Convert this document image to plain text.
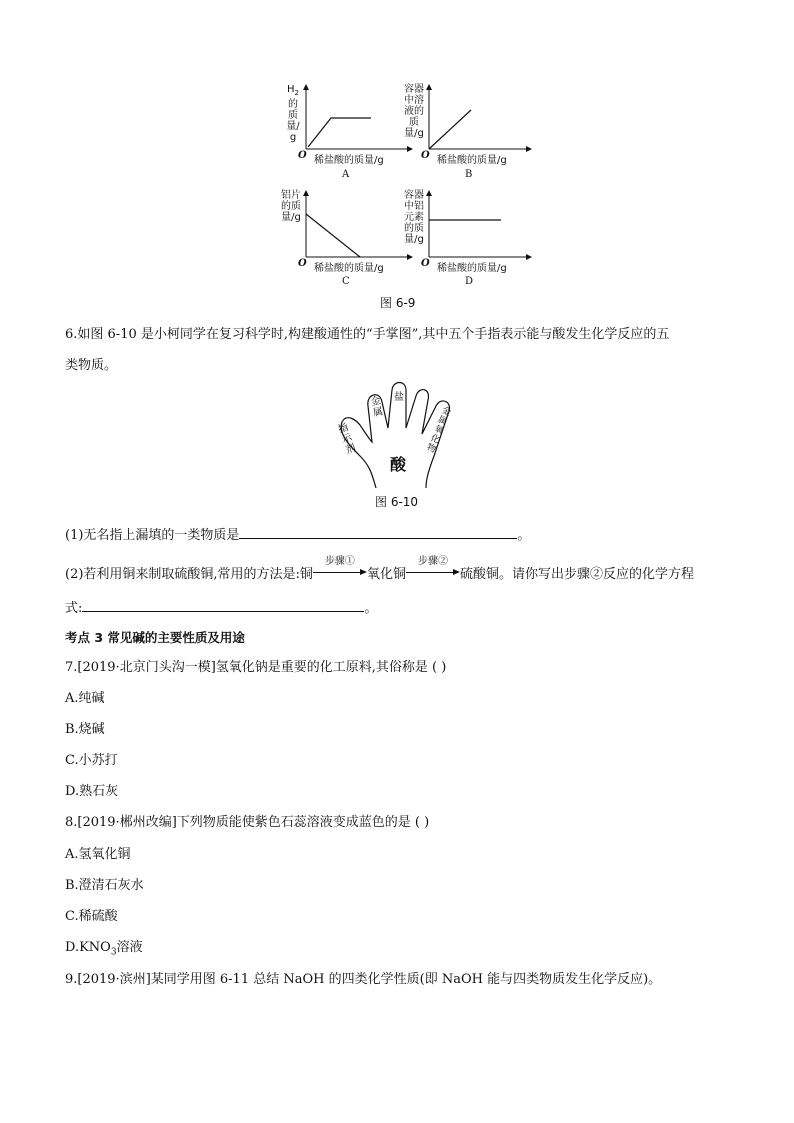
$H_2$的质量/g
O 稀盐酸的质量/g
A
容器中溶液的质量/g
O 稀盐酸的质量/g
B
铝片的质量/g
O 稀盐酸的质量/g
C
容器中铝元素的质量/g
O 稀盐酸的质量/g
D
图 6-9
6.如图 6-10 是小柯同学在复习科学时,构建酸通性的“手掌图”,其中五个手指表示能与酸发生化学反应的五
类物质。
指示剂
金属
盐
金属氧化物
酸
图 6-10
(1)无名指上漏填的一类物质是	。
(2)若利用铜来制取硫酸铜,常用的方法是:铜
步骤①
氧化铜
步骤②
硫酸铜。请你写出步骤②反应的化学方程
式:	。
考点 3 常见碱的主要性质及用途
7.[2019·北京门头沟一模]氢氧化钠是重要的化工原料,其俗称是 ( )
A.纯碱
B.烧碱
C.小苏打
D.熟石灰
8.[2019·郴州改编]下列物质能使紫色石蕊溶液变成蓝色的是 ( )
A.氢氧化铜
B.澄清石灰水
C.稀硫酸
$D.KNO_3$溶液
9.[2019·滨州]某同学用图 6-11 总结 NaOH 的四类化学性质(即 NaOH 能与四类物质发生化学反应)。
